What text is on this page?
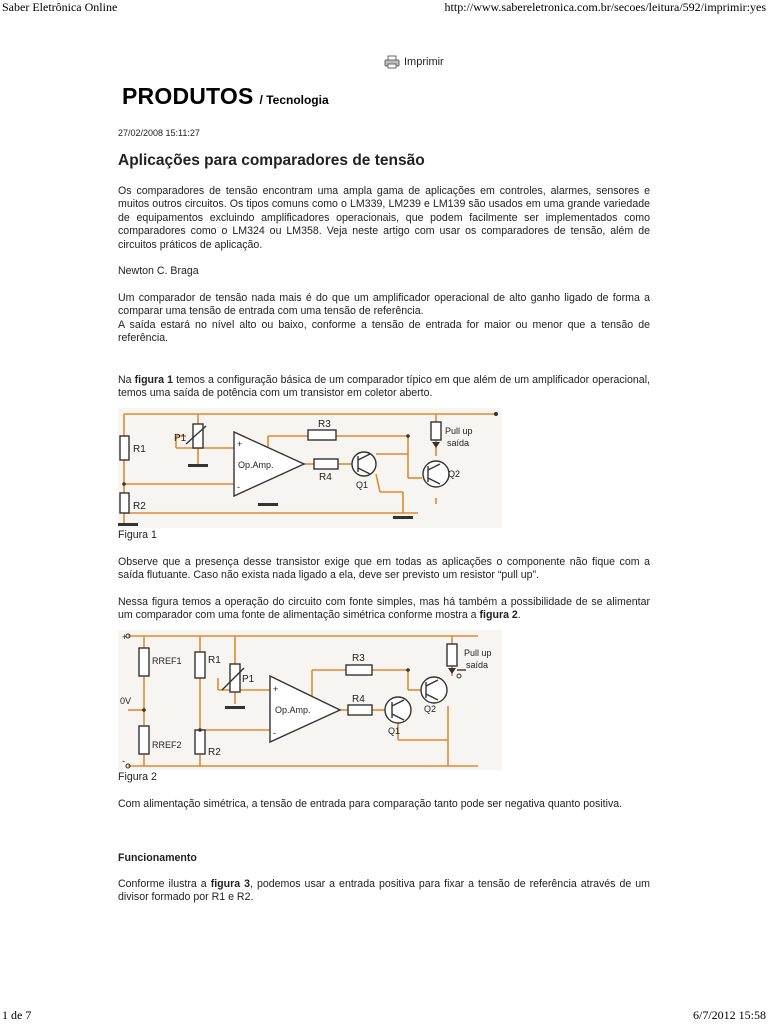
Saber Eletrônica Online	http://www.sabereletronica.com.br/secoes/leitura/592/imprimir:yes
1 de 7	6/7/2012 15:58
Imprimir
PRODUTOS / Tecnologia
27/02/2008 15:11:27
Aplicações para comparadores de tensão

Os comparadores de tensão encontram uma ampla gama de aplicações em controles, alarmes, sensores e muitos outros circuitos. Os tipos comuns como o LM339, LM239 e LM139 são usados em uma grande variedade de equipamentos excluindo amplificadores operacionais, que podem facilmente ser implementados como comparadores como o LM324 ou LM358. Veja neste artigo com usar os comparadores de tensão, além de circuitos práticos de aplicação.

Newton C. Braga

Um comparador de tensão nada mais é do que um amplificador operacional de alto ganho ligado de forma a comparar uma tensão de entrada com uma tensão de referência.

A saída estará no nível alto ou baixo, conforme a tensão de entrada for maior ou menor que a tensão de referência.

Na figura 1 temos a configuração básica de um comparador típico em que além de um amplificador operacional, temos uma saída de potência com um transistor em coletor aberto.

R1
R2
P1
R3
R4
+
-
Op.Amp.
Q1
Q2
Pull up
saída
Figura 1

Observe que a presença desse transistor exige que em todas as aplicações o componente não fique com a saída flutuante. Caso não exista nada ligado a ela, deve ser previsto um resistor “pull up”.

Nessa figura temos a operação do circuito com fonte simples, mas há também a possibilidade de se alimentar um comparador com uma fonte de alimentação simétrica conforme mostra a figura 2.

+
-
0V
RREF1
RREF2
R1
R2
P1
R3
R4
+
-
Op.Amp.
Q1
Q2
Pull up
saída
Figura 2

Com alimentação simétrica, a tensão de entrada para comparação tanto pode ser negativa quanto positiva.

Funcionamento

Conforme ilustra a figura 3, podemos usar a entrada positiva para fixar a tensão de referência através de um divisor formado por R1 e R2.
